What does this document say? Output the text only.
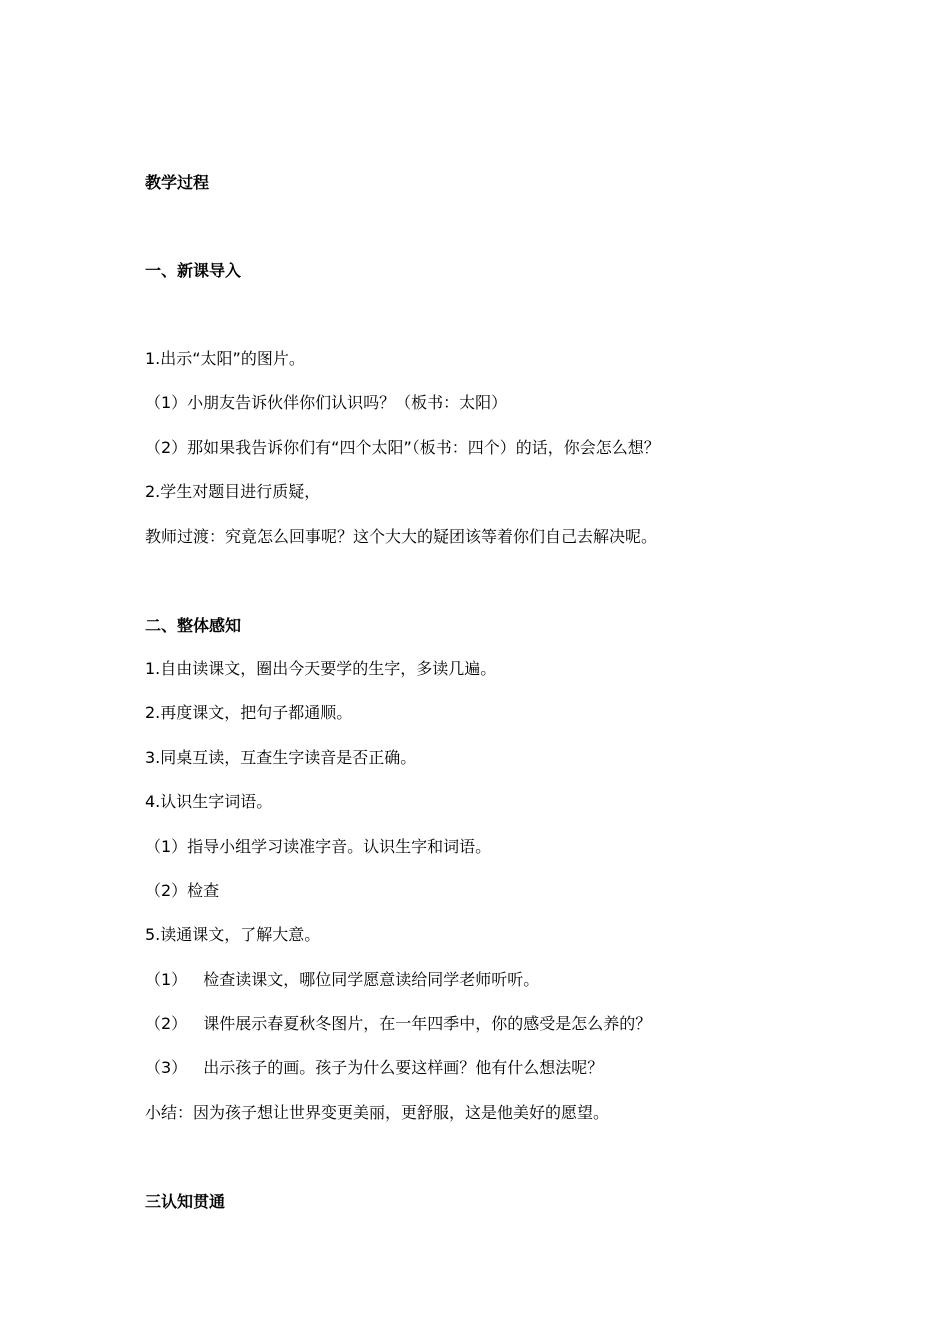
教学过程
一、新课导入
1.出示“太阳”的图片。
（1）小朋友告诉伙伴你们认识吗？（板书：太阳）
（2）那如果我告诉你们有“四个太阳”（板书：四个）的话，你会怎么想？
2.学生对题目进行质疑，
教师过渡：究竟怎么回事呢？这个大大的疑团该等着你们自己去解决呢。
二、整体感知
1.自由读课文，圈出今天要学的生字，多读几遍。
2.再度课文，把句子都通顺。
3.同桌互读，互查生字读音是否正确。
4.认识生字词语。
（1）指导小组学习读准字音。认识生字和词语。
（2）检查
5.读通课文，了解大意。
（1） 检查读课文，哪位同学愿意读给同学老师听听。
（2） 课件展示春夏秋冬图片，在一年四季中，你的感受是怎么养的？
（3） 出示孩子的画。孩子为什么要这样画？他有什么想法呢？
小结：因为孩子想让世界变更美丽，更舒服，这是他美好的愿望。
三认知贯通
